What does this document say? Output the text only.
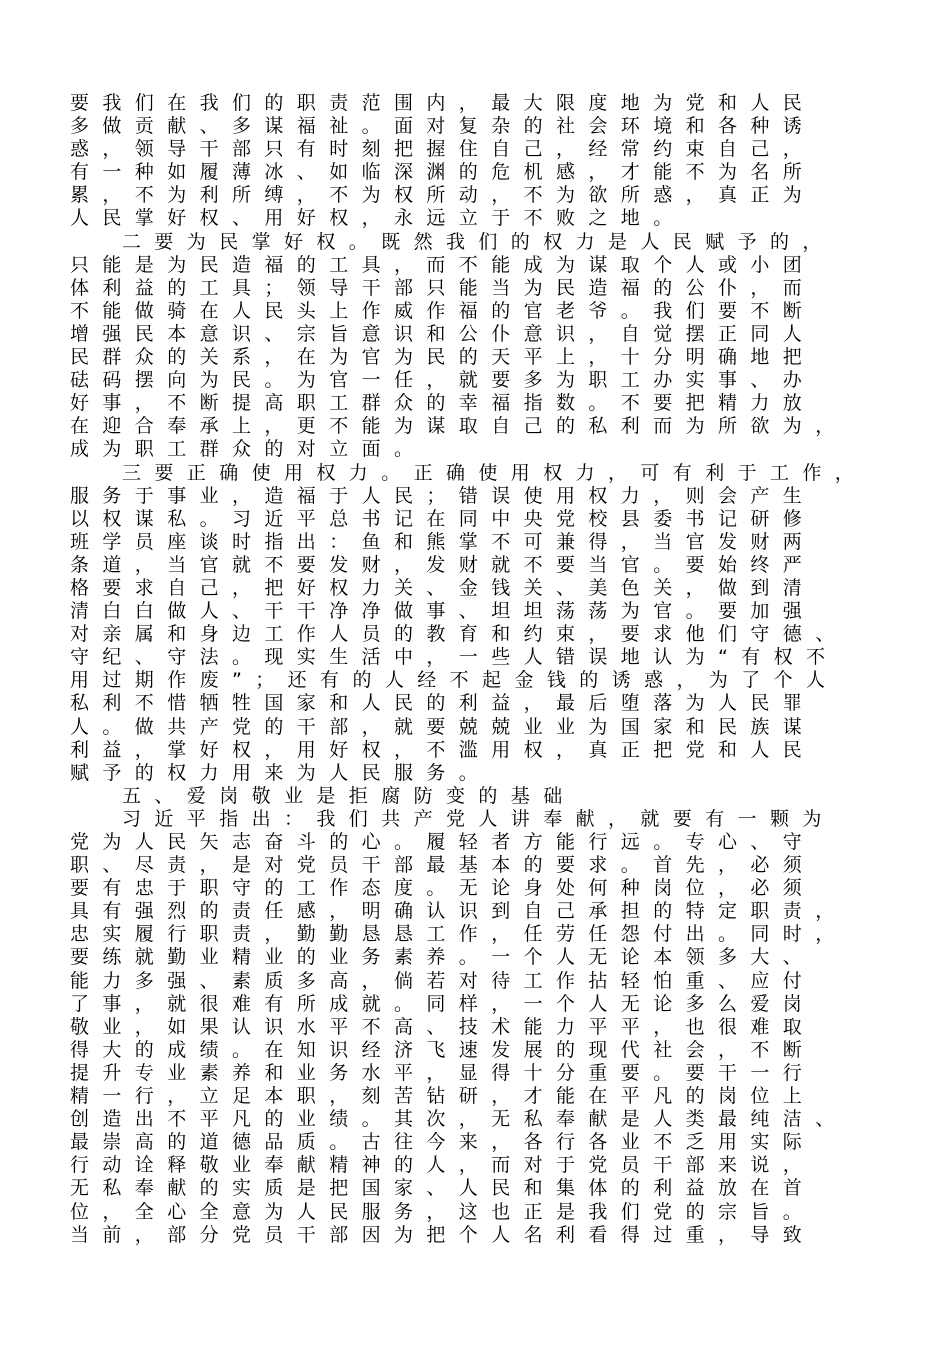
要我们在我们的职责范围内，最大限度地为党和人民
多做贡献、多谋福祉。面对复杂的社会环境和各种诱
惑，领导干部只有时刻把握住自己，经常约束自己，
有一种如履薄冰、如临深渊的危机感，才能不为名所
累，不为利所缚，不为权所动，不为欲所惑，真正为
人民掌好权、用好权，永远立于不败之地。
二要为民掌好权。既然我们的权力是人民赋予的，
只能是为民造福的工具，而不能成为谋取个人或小团
体利益的工具；领导干部只能当为民造福的公仆，而
不能做骑在人民头上作威作福的官老爷。我们要不断
增强民本意识、宗旨意识和公仆意识，自觉摆正同人
民群众的关系，在为官为民的天平上，十分明确地把
砝码摆向为民。为官一任，就要多为职工办实事、办
好事，不断提高职工群众的幸福指数。不要把精力放
在迎合奉承上，更不能为谋取自己的私利而为所欲为，
成为职工群众的对立面。
三要正确使用权力。正确使用权力，可有利于工作，
服务于事业，造福于人民；错误使用权力，则会产生
以权谋私。习近平总书记在同中央党校县委书记研修
班学员座谈时指出：鱼和熊掌不可兼得，当官发财两
条道，当官就不要发财，发财就不要当官。要始终严
格要求自己，把好权力关、金钱关、美色关，做到清
清白白做人、干干净净做事、坦坦荡荡为官。要加强
对亲属和身边工作人员的教育和约束，要求他们守德、
守纪、守法。现实生活中，一些人错误地认为“有权不
用过期作废”；还有的人经不起金钱的诱惑，为了个人
私利不惜牺牲国家和人民的利益，最后堕落为人民罪
人。做共产党的干部，就要兢兢业业为国家和民族谋
利益，掌好权，用好权，不滥用权，真正把党和人民
赋予的权力用来为人民服务。
五、爱岗敬业是拒腐防变的基础
习近平指出：我们共产党人讲奉献，就要有一颗为
党为人民矢志奋斗的心。履轻者方能行远。专心、守
职、尽责，是对党员干部最基本的要求。首先，必须
要有忠于职守的工作态度。无论身处何种岗位，必须
具有强烈的责任感，明确认识到自己承担的特定职责，
忠实履行职责，勤勤恳恳工作，任劳任怨付出。同时，
要练就勤业精业的业务素养。一个人无论本领多大、
能力多强、素质多高，倘若对待工作拈轻怕重、应付
了事，就很难有所成就。同样，一个人无论多么爱岗
敬业，如果认识水平不高、技术能力平平，也很难取
得大的成绩。在知识经济飞速发展的现代社会，不断
提升专业素养和业务水平，显得十分重要。要干一行
精一行，立足本职，刻苦钻研，才能在平凡的岗位上
创造出不平凡的业绩。其次，无私奉献是人类最纯洁、
最崇高的道德品质。古往今来，各行各业不乏用实际
行动诠释敬业奉献精神的人，而对于党员干部来说，
无私奉献的实质是把国家、人民和集体的利益放在首
位，全心全意为人民服务，这也正是我们党的宗旨。
当前，部分党员干部因为把个人名利看得过重，导致
